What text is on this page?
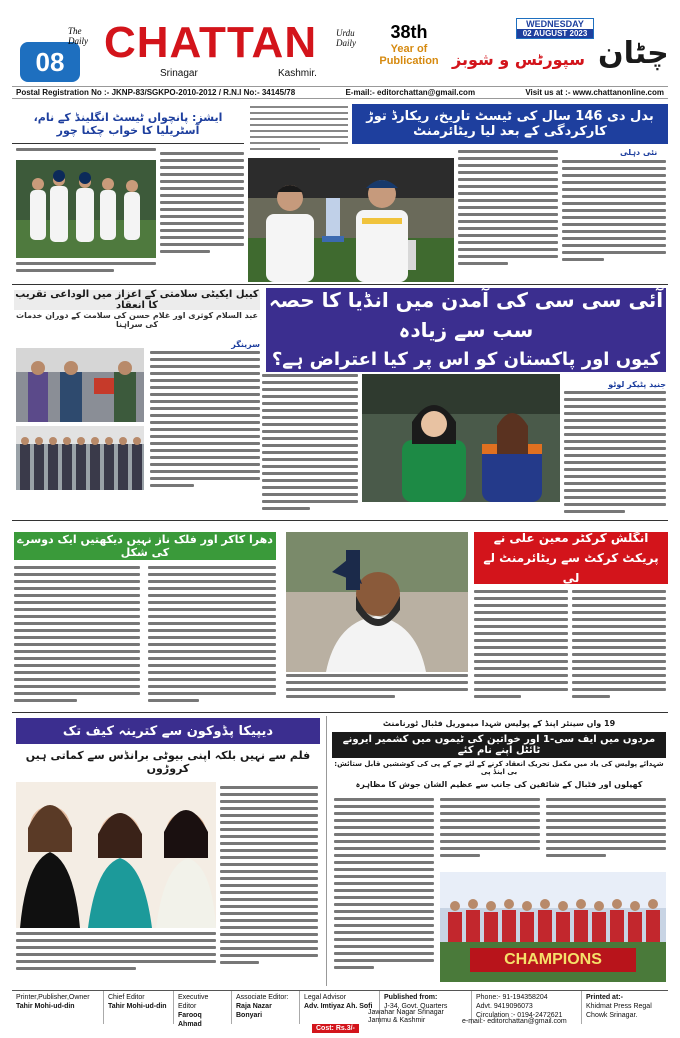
08
The Daily CHATTAN Urdu Daily
Srinagar	Kashmir.
38th
Year of
Publication سپورٹس و شوبز
WEDNESDAY
02 AUGUST 2023
چٹان
Postal Registration No :- JKNP-83/SGKPO-2010-2012 / R.N.I No:- 34145/78	E-mail:- editorchattan@gmail.com	Visit us at :- www.chattanonline.com
ایشز: پانچواں ٹیسٹ انگلینڈ کے نام، آسٹریلیا کا خواب چکنا چور
بدل دی 146 سال کی ٹیسٹ تاریخ، ریکارڈ توڑ کارکردگی کے بعد لیا ریٹائرمنٹ
نئی دہلی
کیبل ایکیٹی سلامتی کے اعزاز میں الوداعی تقریب کا انعقاد
عبد السلام کوثری اور غلام حسن کی سلامت کے دوران خدمات کی سراہنا
آئی سی سی کی آمدن میں انڈیا کا حصہ سب سے زیادہ
کیوں اور پاکستان کو اس پر کیا اعتراض ہے؟
سرینگر
جنید پٹیکر لوٹو
دھرا کاکر اور فلک ناز نہیں دیکھتیں ایک دوسرے کی شکل
انگلش کرکٹر معین علی نے
پریکٹ کرکٹ سے ریٹائرمنٹ لے لی
دیپیکا پڈوکون سے کترینہ کیف تک
فلم سے نہیں بلکہ اپنی بیوٹی برانڈس سے کماتی ہیں کروڑوں
19 واں سینئر اپنڈ کے پولیس شہدا میموریل فٹبال ٹورنامنٹ
مردوں میں ایف سی-1 اور خواتین کی ٹیموں میں کشمیر ایرونے ٹائٹل اپنے نام کئے
شہدائے پولیس کی یاد میں مکمل تحریک انعقاد کرنے کے لئے جے کے پی کی کوششیں قابل ستائش: بی اینڈ پی
کھیلوں اور فٹبال کے شائقین کی جانب سے عظیم الشان جوش کا مظاہرہ
CHAMPIONS
Printer,Publisher,Owner
Tahir Mohi-ud-din
Chief Editor
Tahir Mohi-ud-din
Executive Editor
Farooq Ahmad
Associate Editor:
Raja Nazar Bonyari
Legal Advisor
Adv. Imtiyaz Ah. Sofi
Published from:
J-34, Govt. Quarters
Phone:- 91-194358204
Advt. 9419096073
Circulation :- 0194-2472621
Printed at:-
Khidmat Press Regal
Chowk Srinagar.
Jawahar Nagar Srinagar
Jammu & Kashmir	e-mail:- editorchattan@gmail.com
Cost: Rs.3/-
